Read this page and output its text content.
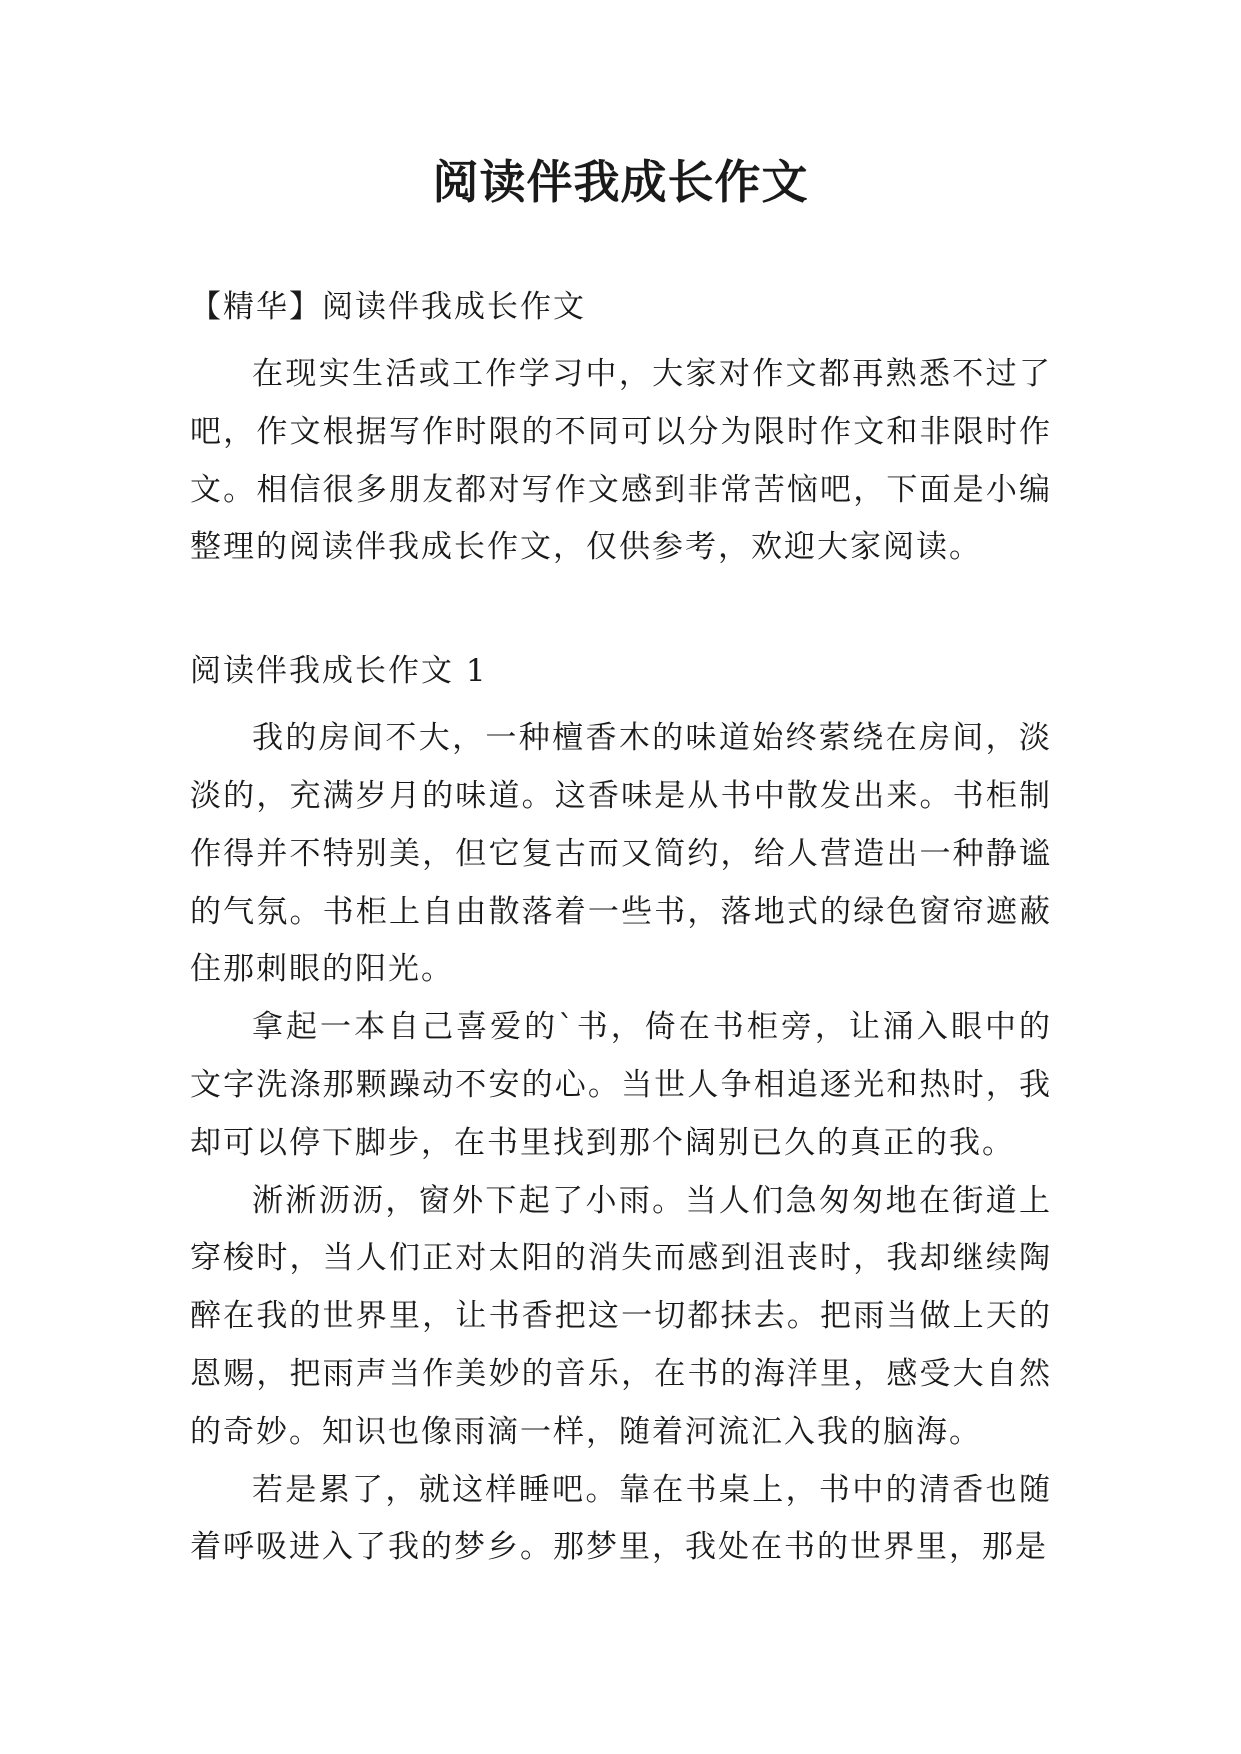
阅读伴我成长作文

【精华】阅读伴我成长作文

在现实生活或工作学习中，大家对作文都再熟悉不过了吧，作文根据写作时限的不同可以分为限时作文和非限时作文。相信很多朋友都对写作文感到非常苦恼吧，下面是小编整理的阅读伴我成长作文，仅供参考，欢迎大家阅读。

阅读伴我成长作文 1

我的房间不大，一种檀香木的味道始终萦绕在房间，淡淡的，充满岁月的味道。这香味是从书中散发出来。书柜制作得并不特别美，但它复古而又简约，给人营造出一种静谧的气氛。书柜上自由散落着一些书，落地式的绿色窗帘遮蔽住那刺眼的阳光。

拿起一本自己喜爱的`书，倚在书柜旁，让涌入眼中的文字洗涤那颗躁动不安的心。当世人争相追逐光和热时，我却可以停下脚步，在书里找到那个阔别已久的真正的我。

淅淅沥沥，窗外下起了小雨。当人们急匆匆地在街道上穿梭时，当人们正对太阳的消失而感到沮丧时，我却继续陶醉在我的世界里，让书香把这一切都抹去。把雨当做上天的恩赐，把雨声当作美妙的音乐，在书的海洋里，感受大自然的奇妙。知识也像雨滴一样，随着河流汇入我的脑海。

若是累了，就这样睡吧。靠在书桌上，书中的清香也随着呼吸进入了我的梦乡。那梦里，我处在书的世界里，那是
